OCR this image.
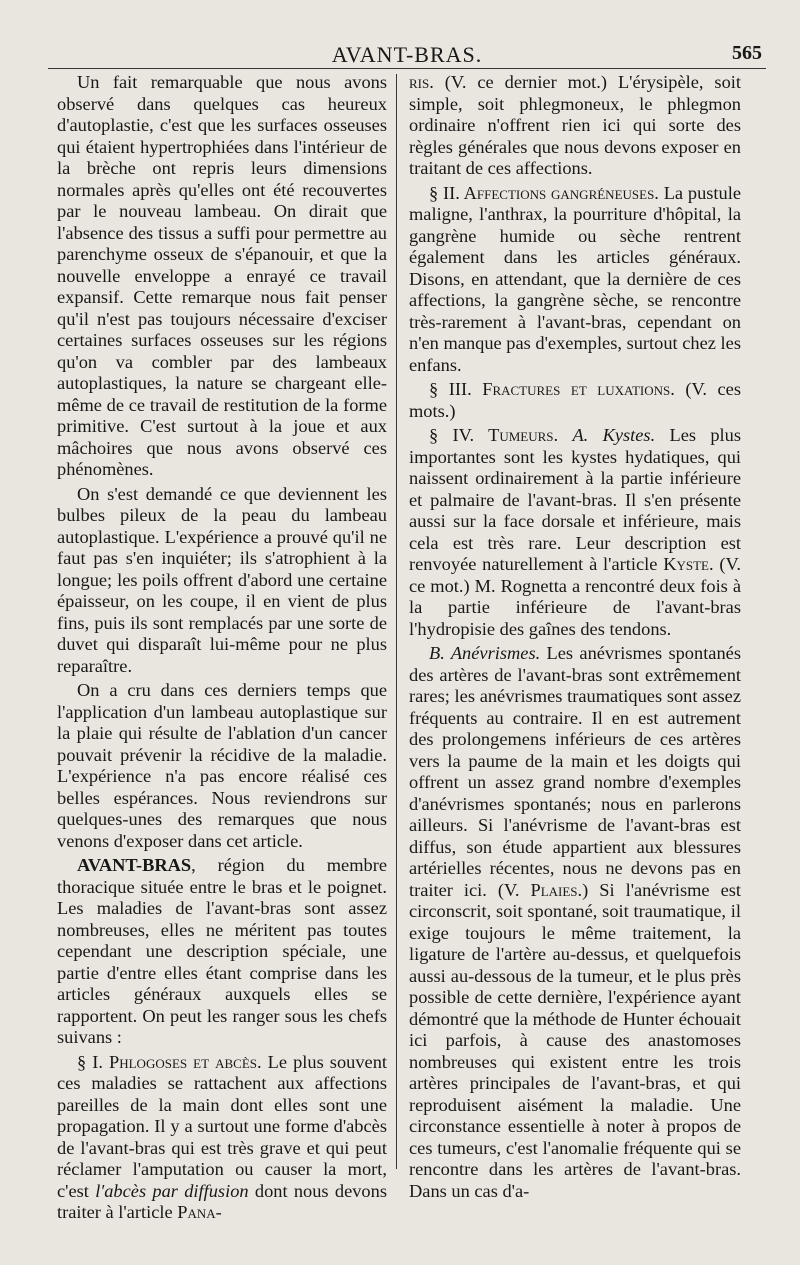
AVANT-BRAS.	565

Un fait remarquable que nous avons observé dans quelques cas heureux d'autoplastie, c'est que les surfaces osseuses qui étaient hypertrophiées dans l'intérieur de la brèche ont repris leurs dimensions normales après qu'elles ont été recouvertes par le nouveau lambeau. On dirait que l'absence des tissus a suffi pour permettre au parenchyme osseux de s'épanouir, et que la nouvelle enveloppe a enrayé ce travail expansif. Cette remarque nous fait penser qu'il n'est pas toujours nécessaire d'exciser certaines surfaces osseuses sur les régions qu'on va combler par des lambeaux autoplastiques, la nature se chargeant elle-même de ce travail de restitution de la forme primitive. C'est surtout à la joue et aux mâchoires que nous avons observé ces phénomènes.

On s'est demandé ce que deviennent les bulbes pileux de la peau du lambeau autoplastique. L'expérience a prouvé qu'il ne faut pas s'en inquiéter; ils s'atrophient à la longue; les poils offrent d'abord une certaine épaisseur, on les coupe, il en vient de plus fins, puis ils sont remplacés par une sorte de duvet qui disparaît lui-même pour ne plus reparaître.

On a cru dans ces derniers temps que l'application d'un lambeau autoplastique sur la plaie qui résulte de l'ablation d'un cancer pouvait prévenir la récidive de la maladie. L'expérience n'a pas encore réalisé ces belles espérances. Nous reviendrons sur quelques-unes des remarques que nous venons d'exposer dans cet article.

AVANT-BRAS, région du membre thoracique située entre le bras et le poignet. Les maladies de l'avant-bras sont assez nombreuses, elles ne méritent pas toutes cependant une description spéciale, une partie d'entre elles étant comprise dans les articles généraux auxquels elles se rapportent. On peut les ranger sous les chefs suivans :

§ I. Phlogoses et abcès. Le plus souvent ces maladies se rattachent aux affections pareilles de la main dont elles sont une propagation. Il y a surtout une forme d'abcès de l'avant-bras qui est très grave et qui peut réclamer l'amputation ou causer la mort, c'est l'abcès par diffusion dont nous devons traiter à l'article Pana-

ris. (V. ce dernier mot.) L'érysipèle, soit simple, soit phlegmoneux, le phlegmon ordinaire n'offrent rien ici qui sorte des règles générales que nous devons exposer en traitant de ces affections.

§ II. Affections gangréneuses. La pustule maligne, l'anthrax, la pourriture d'hôpital, la gangrène humide ou sèche rentrent également dans les articles généraux. Disons, en attendant, que la dernière de ces affections, la gangrène sèche, se rencontre très-rarement à l'avant-bras, cependant on n'en manque pas d'exemples, surtout chez les enfans.

§ III. Fractures et luxations. (V. ces mots.)

§ IV. Tumeurs. A. Kystes. Les plus importantes sont les kystes hydatiques, qui naissent ordinairement à la partie inférieure et palmaire de l'avant-bras. Il s'en présente aussi sur la face dorsale et inférieure, mais cela est très rare. Leur description est renvoyée naturellement à l'article Kyste. (V. ce mot.) M. Rognetta a rencontré deux fois à la partie inférieure de l'avant-bras l'hydropisie des gaînes des tendons.

B. Anévrismes. Les anévrismes spontanés des artères de l'avant-bras sont extrêmement rares; les anévrismes traumatiques sont assez fréquents au contraire. Il en est autrement des prolongemens inférieurs de ces artères vers la paume de la main et les doigts qui offrent un assez grand nombre d'exemples d'anévrismes spontanés; nous en parlerons ailleurs. Si l'anévrisme de l'avant-bras est diffus, son étude appartient aux blessures artérielles récentes, nous ne devons pas en traiter ici. (V. Plaies.) Si l'anévrisme est circonscrit, soit spontané, soit traumatique, il exige toujours le même traitement, la ligature de l'artère au-dessus, et quelquefois aussi au-dessous de la tumeur, et le plus près possible de cette dernière, l'expérience ayant démontré que la méthode de Hunter échouait ici parfois, à cause des anastomoses nombreuses qui existent entre les trois artères principales de l'avant-bras, et qui reproduisent aisément la maladie. Une circonstance essentielle à noter à propos de ces tumeurs, c'est l'anomalie fréquente qui se rencontre dans les artères de l'avant-bras. Dans un cas d'a-
